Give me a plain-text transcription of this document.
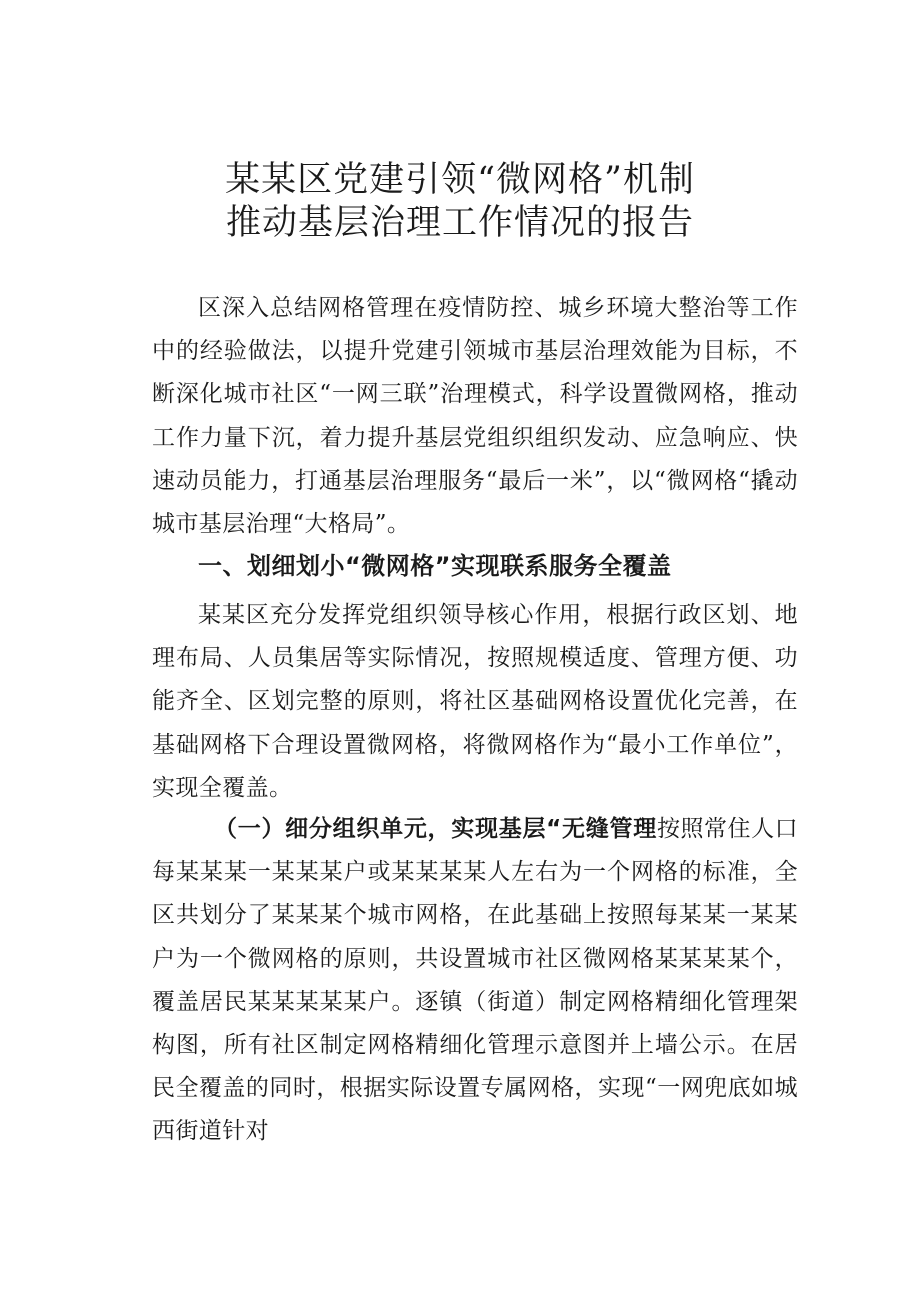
某某区党建引领“微网格”机制
推动基层治理工作情况的报告

区深入总结网格管理在疫情防控、城乡环境大整治等工作中的经验做法，以提升党建引领城市基层治理效能为目标，不断深化城市社区“一网三联”治理模式，科学设置微网格，推动工作力量下沉，着力提升基层党组织组织发动、应急响应、快速动员能力，打通基层治理服务“最后一米”，以“微网格“撬动城市基层治理“大格局”。

一、划细划小“微网格”实现联系服务全覆盖

某某区充分发挥党组织领导核心作用，根据行政区划、地理布局、人员集居等实际情况，按照规模适度、管理方便、功能齐全、区划完整的原则，将社区基础网格设置优化完善，在基础网格下合理设置微网格，将微网格作为“最小工作单位”，实现全覆盖。

（一）细分组织单元，实现基层“无缝管理按照常住人口每某某某一某某某户或某某某某人左右为一个网格的标准，全区共划分了某某某个城市网格，在此基础上按照每某某一某某户为一个微网格的原则，共设置城市社区微网格某某某某个，覆盖居民某某某某某户。逐镇（街道）制定网格精细化管理架构图，所有社区制定网格精细化管理示意图并上墙公示。在居民全覆盖的同时，根据实际设置专属网格，实现“一网兜底如城西街道针对
